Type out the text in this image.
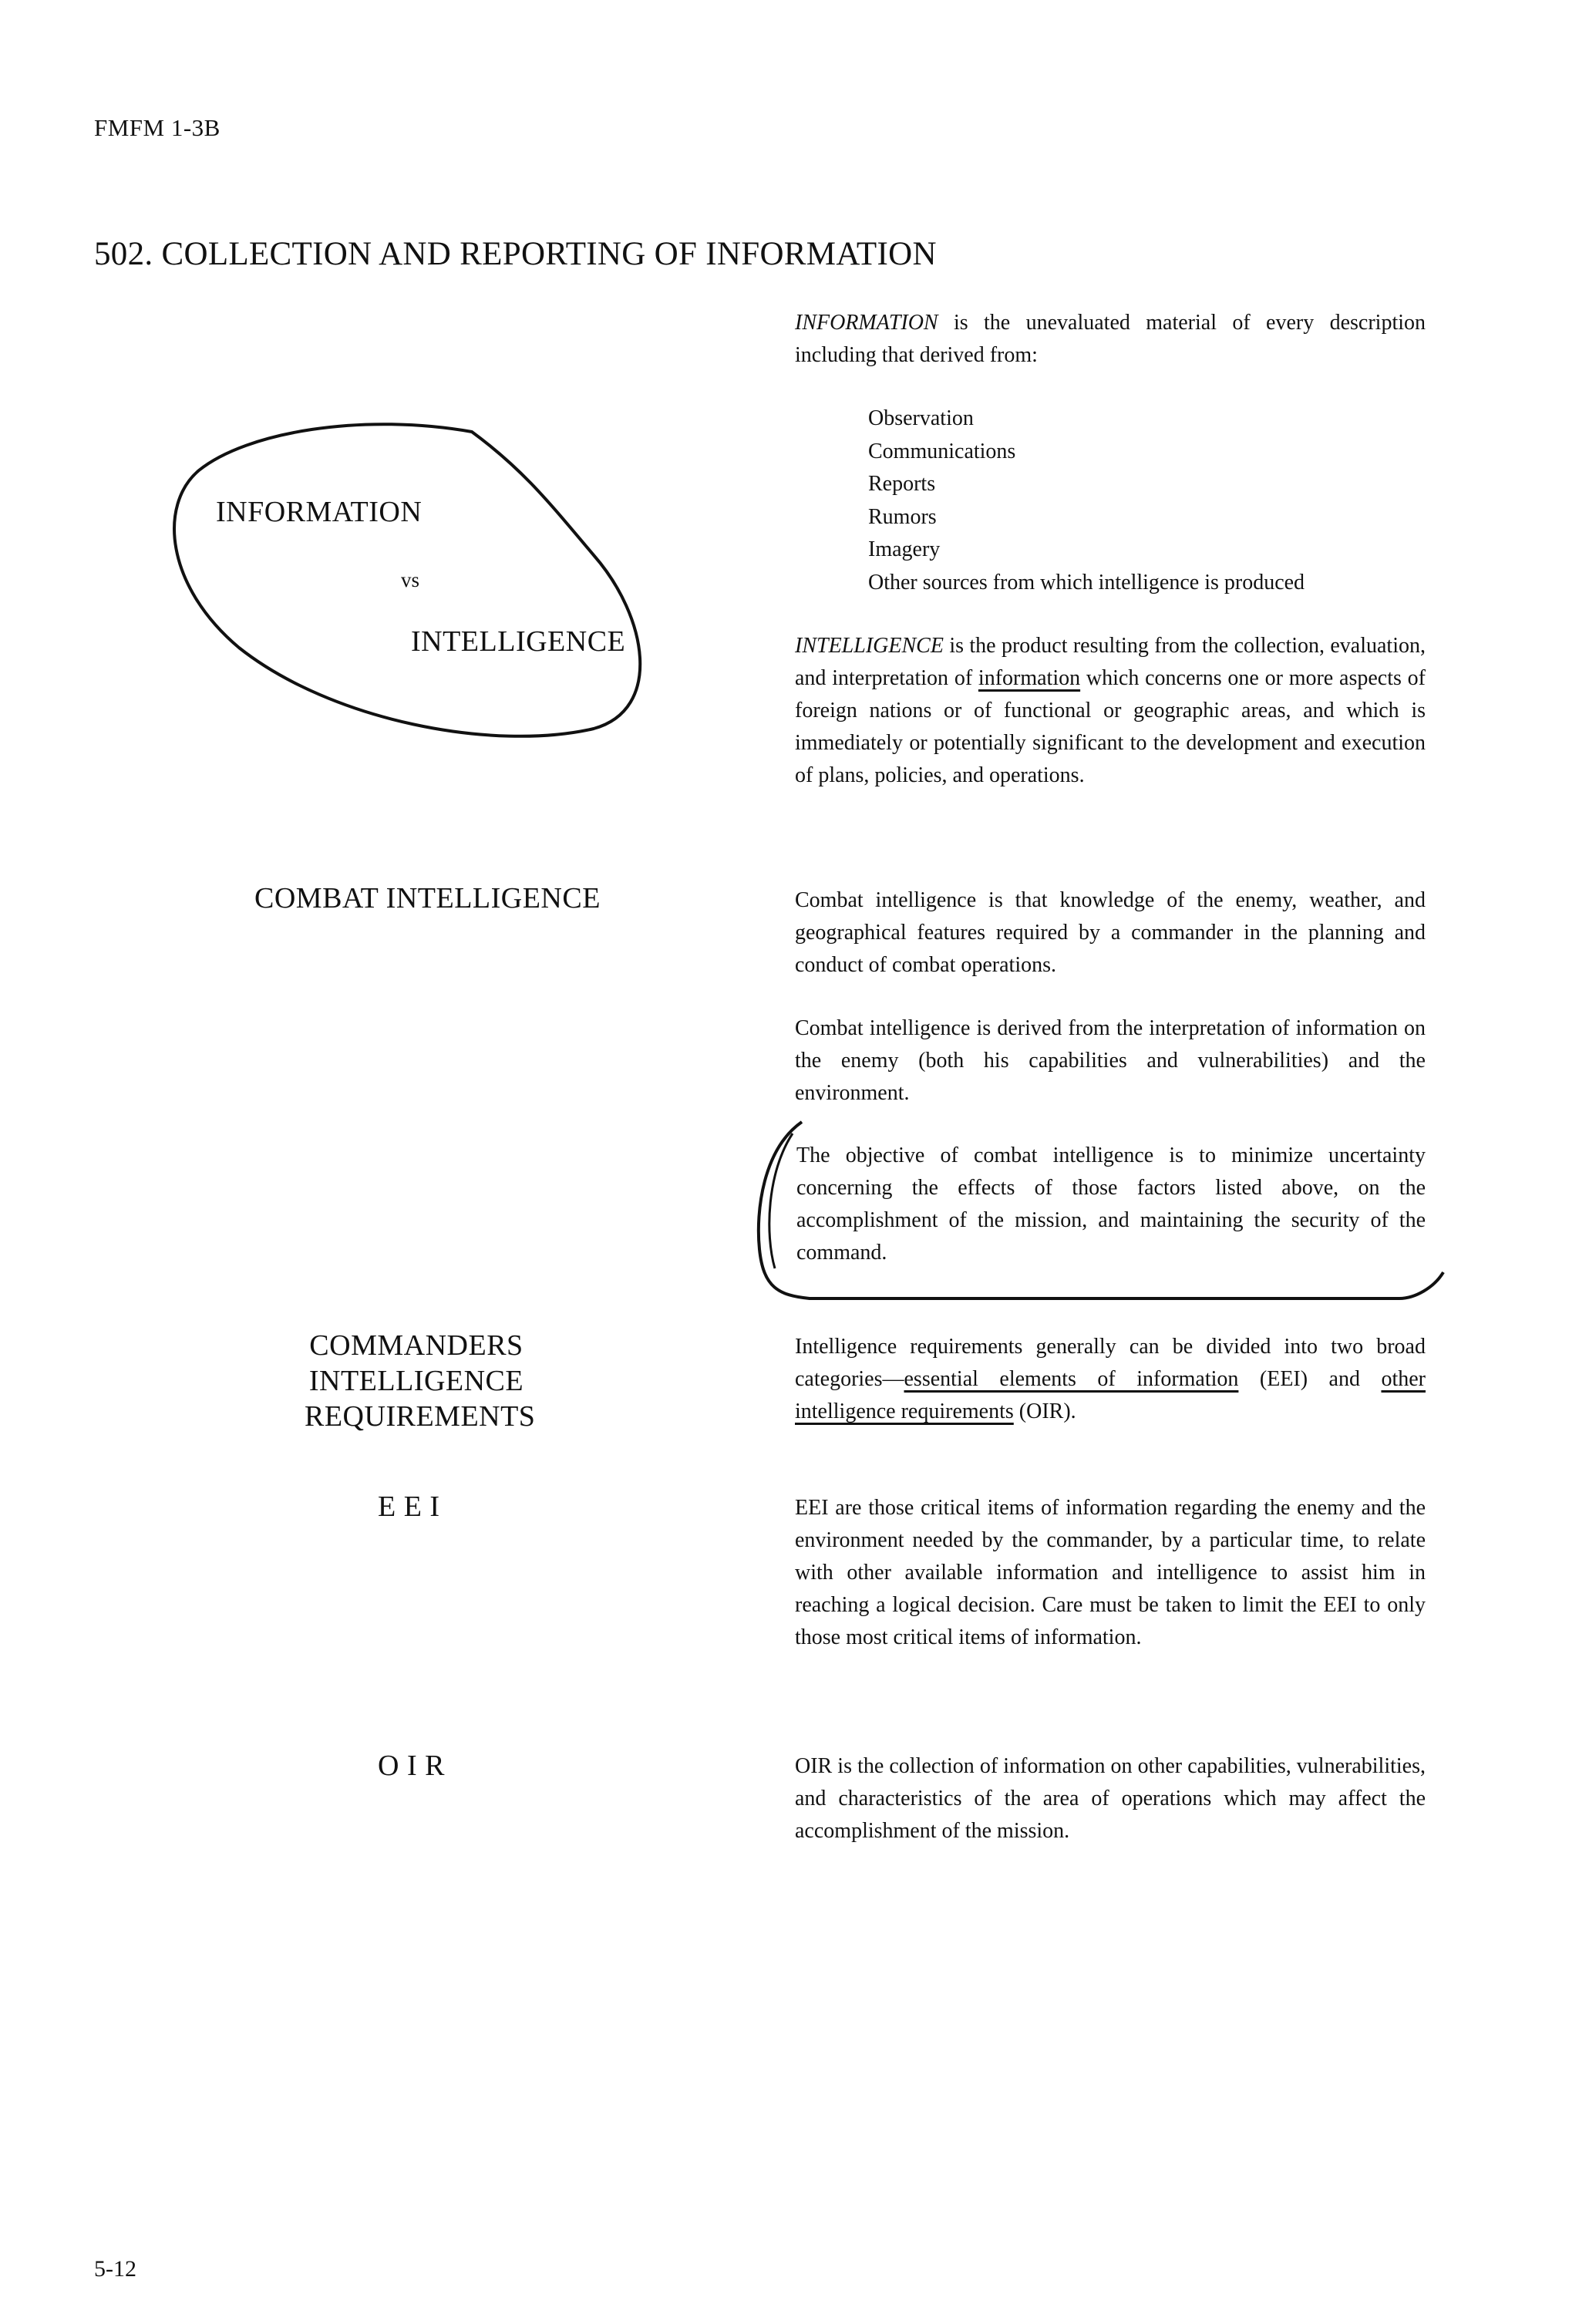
FMFM 1-3B
502. COLLECTION AND REPORTING OF INFORMATION
INFORMATION
vs
INTELLIGENCE
INFORMATION is the unevaluated material of every description including that derived from:
Observation
Communications
Reports
Rumors
Imagery
Other sources from which intelligence is produced
INTELLIGENCE is the product resulting from the collection, evaluation, and interpretation of information which concerns one or more aspects of foreign nations or of functional or geographic areas, and which is immediately or potentially significant to the development and execution of plans, policies, and operations.
COMBAT INTELLIGENCE	Combat intelligence is that knowledge of the enemy, weather, and geographical features required by a commander in the planning and conduct of combat operations.
Combat intelligence is derived from the interpretation of information on the enemy (both his capabilities and vulnerabilities) and the environment.
The objective of combat intelligence is to minimize uncertainty concerning the effects of those factors listed above, on the accomplishment of the mission, and maintaining the security of the command.
COMMANDERS
INTELLIGENCE
REQUIREMENTS
Intelligence requirements generally can be divided into two broad categories—essential elements of information (EEI) and other intelligence requirements (OIR).
E E I	EEI are those critical items of information regarding the enemy and the environment needed by the commander, by a particular time, to relate with other available information and intelligence to assist him in reaching a logical decision. Care must be taken to limit the EEI to only those most critical items of information.
O I R	OIR is the collection of information on other capabilities, vulnerabilities, and characteristics of the area of operations which may affect the accomplishment of the mission.
5-12
